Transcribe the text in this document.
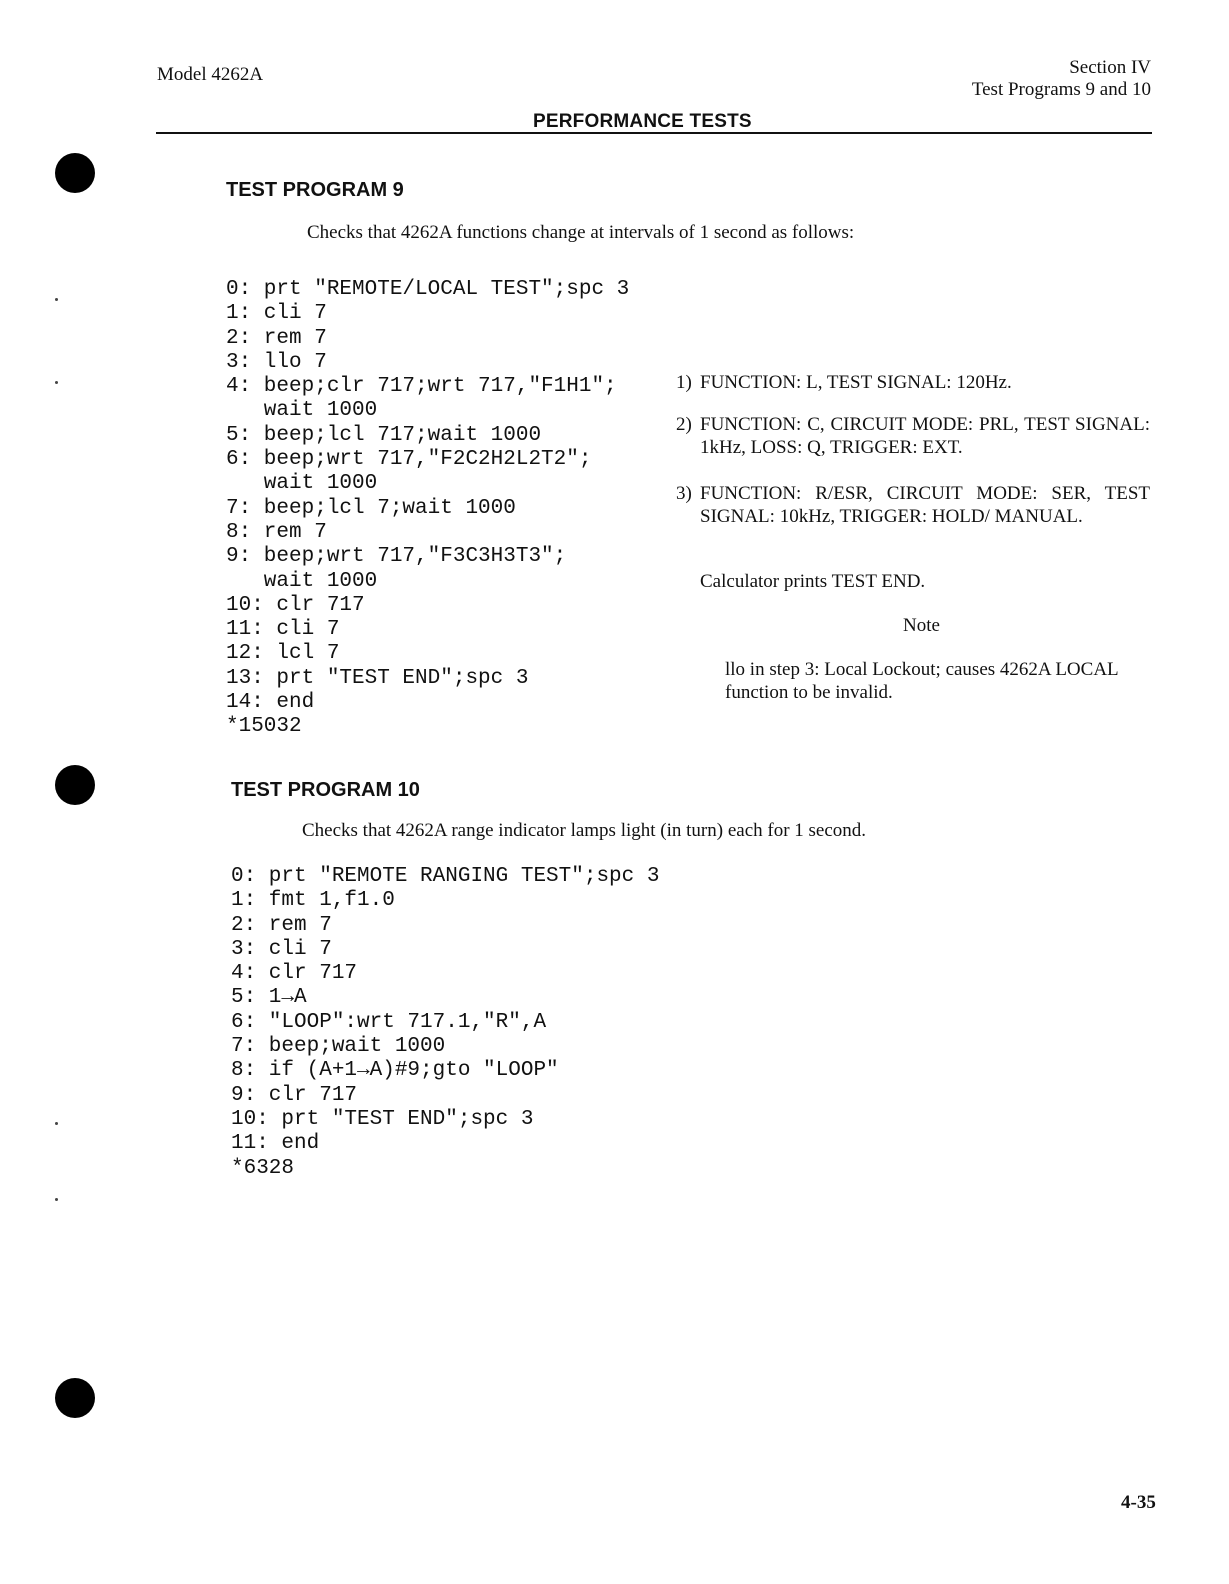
Model 4262A	Section IV
Test Programs 9 and 10
PERFORMANCE TESTS
TEST PROGRAM 9
Checks that 4262A functions change at intervals of 1 second as follows:
0: prt "REMOTE/LOCAL TEST";spc 3
1: cli 7
2: rem 7
3: llo 7
4: beep;clr 717;wrt 717,"F1H1";
wait 1000
5: beep;lcl 717;wait 1000
6: beep;wrt 717,"F2C2H2L2T2";
wait 1000
7: beep;lcl 7;wait 1000
8: rem 7
9: beep;wrt 717,"F3C3H3T3";
wait 1000
10: clr 717
11: cli 7
12: lcl 7
13: prt "TEST END";spc 3
14: end
*15032
1) FUNCTION: L, TEST SIGNAL: 120Hz.
2) FUNCTION: C, CIRCUIT MODE: PRL, TEST SIGNAL: 1kHz, LOSS: Q, TRIGGER: EXT.
3) FUNCTION: R/ESR, CIRCUIT MODE: SER, TEST SIGNAL: 10kHz, TRIGGER: HOLD/ MANUAL.
Calculator prints TEST END.
Note
llo in step 3: Local Lockout; causes 4262A LOCAL function to be invalid.
TEST PROGRAM 10
Checks that 4262A range indicator lamps light (in turn) each for 1 second.
0: prt "REMOTE RANGING TEST";spc 3
1: fmt 1,f1.0
2: rem 7
3: cli 7
4: clr 717
5: 1→A
6: "LOOP":wrt 717.1,"R",A
7: beep;wait 1000
8: if (A+1→A)#9;gto "LOOP"
9: clr 717
10: prt "TEST END";spc 3
11: end
*6328
4-35
